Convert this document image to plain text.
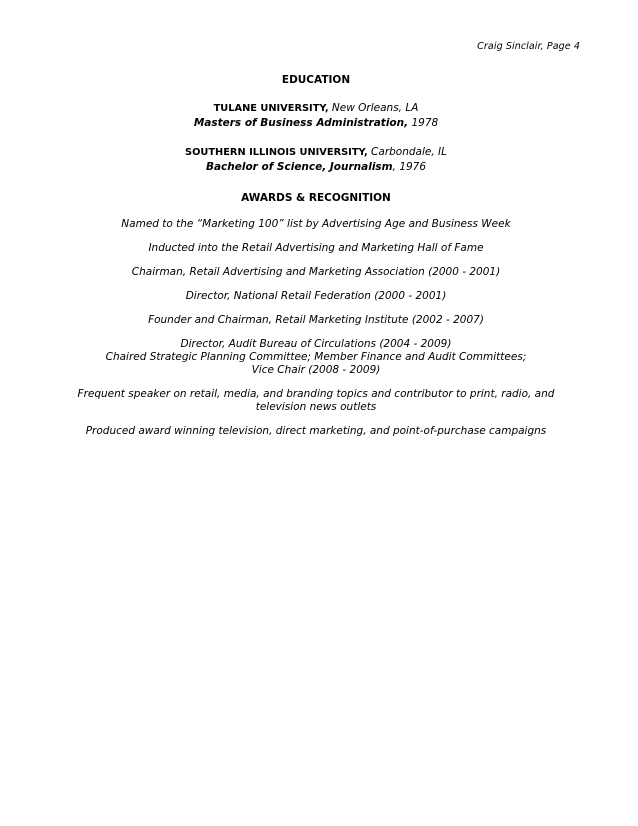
Craig Sinclair, Page 4
EDUCATION
TULANE UNIVERSITY, New Orleans, LA
Masters of Business Administration, 1978
SOUTHERN ILLINOIS UNIVERSITY, Carbondale, IL
Bachelor of Science, Journalism, 1976
AWARDS & RECOGNITION
Named to the “Marketing 100” list by Advertising Age and Business Week
Inducted into the Retail Advertising and Marketing Hall of Fame
Chairman, Retail Advertising and Marketing Association (2000 - 2001)
Director, National Retail Federation (2000 - 2001)
Founder and Chairman, Retail Marketing Institute (2002 - 2007)
Director, Audit Bureau of Circulations (2004 - 2009)
Chaired Strategic Planning Committee; Member Finance and Audit Committees;
Vice Chair (2008 - 2009)
Frequent speaker on retail, media, and branding topics and contributor to print, radio, and
television news outlets
Produced award winning television, direct marketing, and point-of-purchase campaigns
